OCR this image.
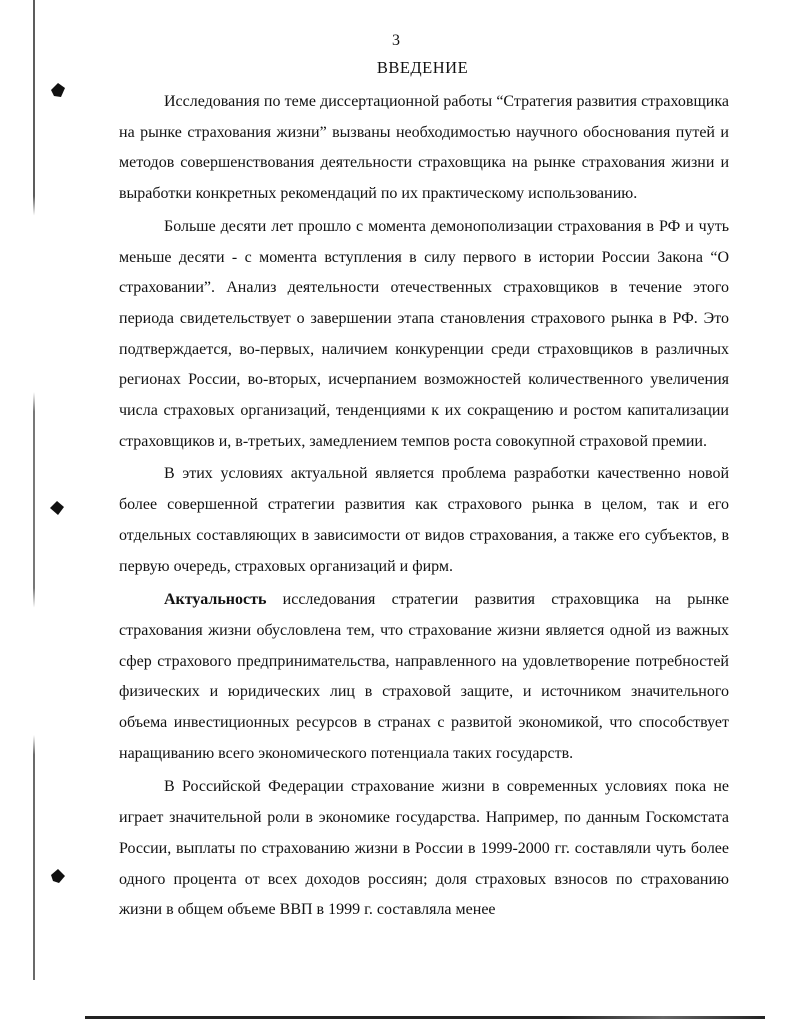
3
ВВЕДЕНИЕ

Исследования по теме диссертационной работы “Стратегия развития страховщика на рынке страхования жизни” вызваны необходимостью научного обоснования путей и методов совершенствования деятельности страховщика на рынке страхования жизни и выработки конкретных рекомендаций по их практическому использованию.

Больше десяти лет прошло с момента демонополизации страхования в РФ и чуть меньше десяти - с момента вступления в силу первого в истории России Закона “О страховании”. Анализ деятельности отечественных страховщиков в течение этого периода свидетельствует о завершении этапа становления страхового рынка в РФ. Это подтверждается, во-первых, наличием конкуренции среди страховщиков в различных регионах России, во-вторых, исчерпанием возможностей количественного увеличения числа страховых организаций, тенденциями к их сокращению и ростом капитализации страховщиков и, в-третьих, замедлением темпов роста совокупной страховой премии.

В этих условиях актуальной является проблема разработки качественно новой более совершенной стратегии развития как страхового рынка в целом, так и его отдельных составляющих в зависимости от видов страхования, а также его субъектов, в первую очередь, страховых организаций и фирм.

Актуальность исследования стратегии развития страховщика на рынке страхования жизни обусловлена тем, что страхование жизни является одной из важных сфер страхового предпринимательства, направленного на удовлетворение потребностей физических и юридических лиц в страховой защите, и источником значительного объема инвестиционных ресурсов в странах с развитой экономикой, что способствует наращиванию всего экономического потенциала таких государств.

В Российской Федерации страхование жизни в современных условиях пока не играет значительной роли в экономике государства. Например, по данным Госкомстата России, выплаты по страхованию жизни в России в 1999-2000 гг. составляли чуть более одного процента от всех доходов россиян; доля страховых взносов по страхованию жизни в общем объеме ВВП в 1999 г. составляла менее
